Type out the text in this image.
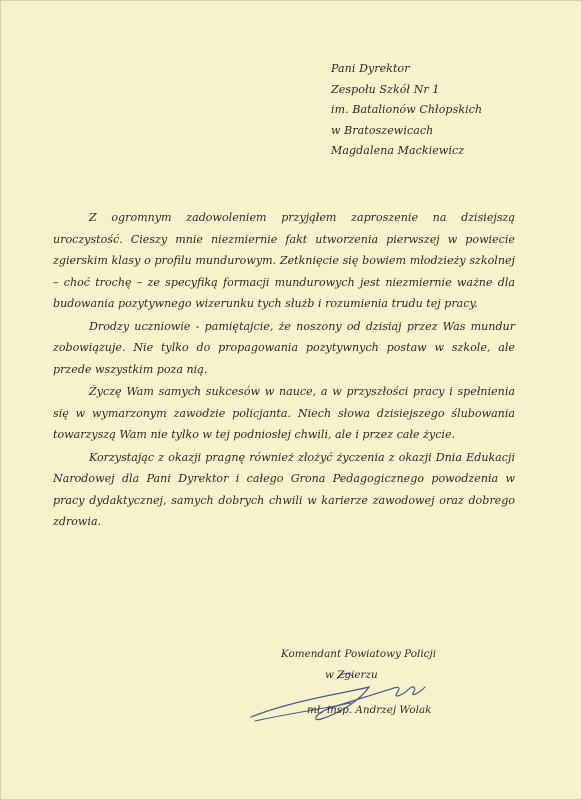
Pani Dyrektor
Zespołu Szkół Nr 1
im. Batalionów Chłopskich
w Bratoszewicach
Magdalena Mackiewicz

Z ogromnym zadowoleniem przyjąłem zaproszenie na dzisiejszą uroczystość. Cieszy mnie niezmiernie fakt utworzenia pierwszej w powiecie zgierskim klasy o profilu mundurowym. Zetknięcie się bowiem młodzieży szkolnej – choć trochę – ze specyfiką formacji mundurowych jest niezmiernie ważne dla budowania pozytywnego wizerunku tych służb i rozumienia trudu tej pracy.

Drodzy uczniowie - pamiętajcie, że noszony od dzisiaj przez Was mundur zobowiązuje. Nie tylko do propagowania pozytywnych postaw w szkole, ale przede wszystkim poza nią.

Życzę Wam samych sukcesów w nauce, a w przyszłości pracy i spełnienia się w wymarzonym zawodzie policjanta. Niech słowa dzisiejszego ślubowania towarzyszą Wam nie tylko w tej podniosłej chwili, ale i przez całe życie.

Korzystając z okazji pragnę również złożyć życzenia z okazji Dnia Edukacji Narodowej dla Pani Dyrektor i całego Grona Pedagogicznego powodzenia w pracy dydaktycznej, samych dobrych chwili w karierze zawodowej oraz dobrego zdrowia.

Komendant Powiatowy Policji
w Zgierzu
mł. insp. Andrzej Wolak
